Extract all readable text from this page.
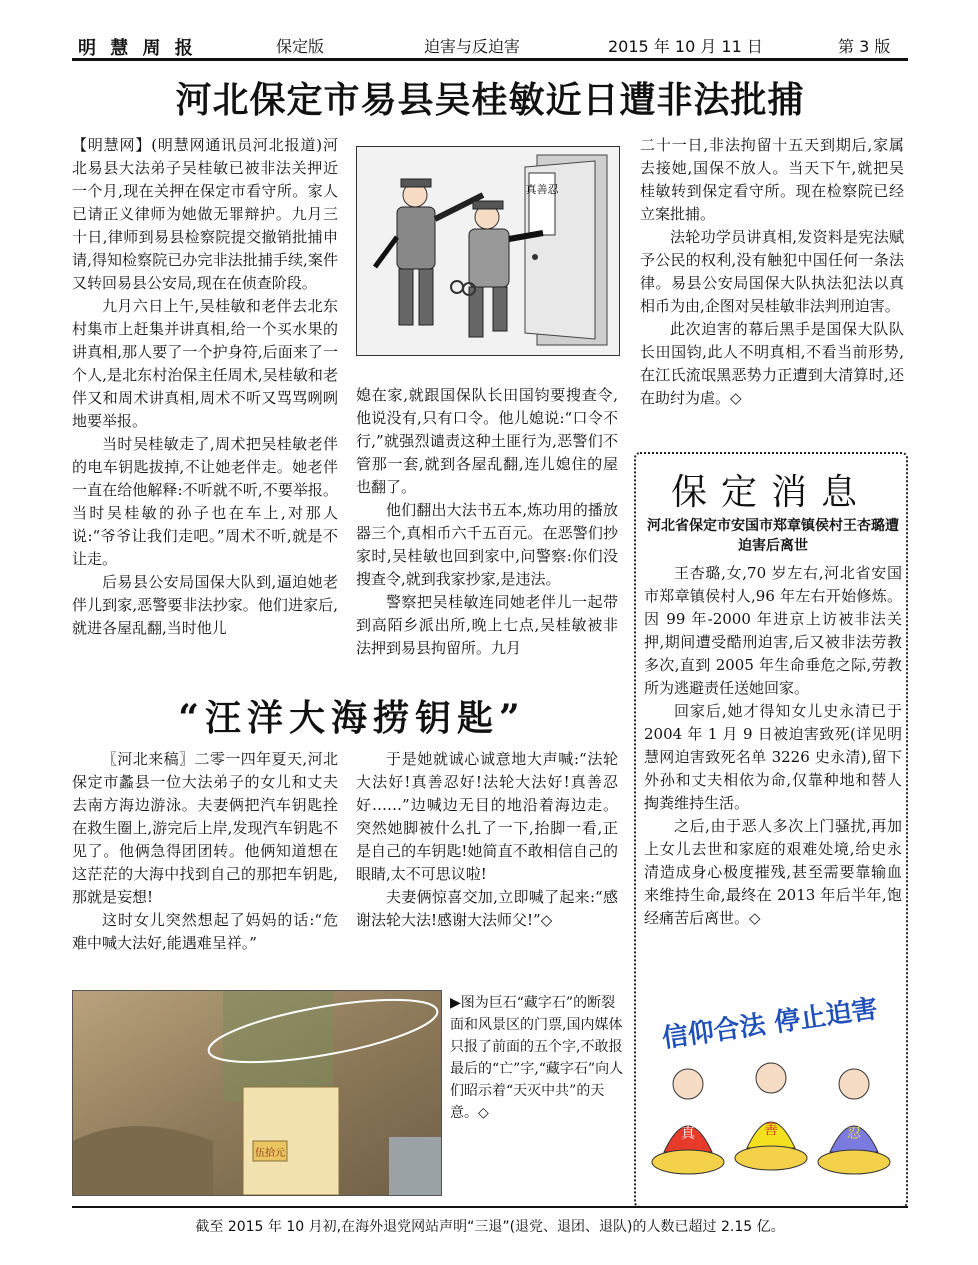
明 慧 周 报	保定版	迫害与反迫害	2015 年 10 月 11 日	第 3 版
河北保定市易县吴桂敏近日遭非法批捕

【明慧网】(明慧网通讯员河北报道)河北易县大法弟子吴桂敏已被非法关押近一个月,现在关押在保定市看守所。家人已请正义律师为她做无罪辩护。九月三十日,律师到易县检察院提交撤销批捕申请,得知检察院已办完非法批捕手续,案件又转回易县公安局,现在在侦查阶段。

九月六日上午,吴桂敏和老伴去北东村集市上赶集并讲真相,给一个买水果的讲真相,那人要了一个护身符,后面来了一个人,是北东村治保主任周术,吴桂敏和老伴又和周术讲真相,周术不听又骂骂咧咧地要举报。

当时吴桂敏走了,周术把吴桂敏老伴的电车钥匙拔掉,不让她老伴走。她老伴一直在给他解释:不听就不听,不要举报。当时吴桂敏的孙子也在车上,对那人说:“爷爷让我们走吧。”周术不听,就是不让走。

后易县公安局国保大队到,逼迫她老伴儿到家,恶警要非法抄家。他们进家后,就进各屋乱翻,当时他儿

真善忍

媳在家,就跟国保队长田国钧要搜查令,他说没有,只有口令。他儿媳说:“口令不行,”就强烈谴责这种土匪行为,恶警们不管那一套,就到各屋乱翻,连儿媳住的屋也翻了。

他们翻出大法书五本,炼功用的播放器三个,真相币六千五百元。在恶警们抄家时,吴桂敏也回到家中,问警察:你们没搜查令,就到我家抄家,是违法。

警察把吴桂敏连同她老伴儿一起带到高陌乡派出所,晚上七点,吴桂敏被非法押到易县拘留所。九月

二十一日,非法拘留十五天到期后,家属去接她,国保不放人。当天下午,就把吴桂敏转到保定看守所。现在检察院已经立案批捕。

法轮功学员讲真相,发资料是宪法赋予公民的权利,没有触犯中国任何一条法律。易县公安局国保大队执法犯法以真相币为由,企图对吴桂敏非法判刑迫害。

此次迫害的幕后黑手是国保大队队长田国钧,此人不明真相,不看当前形势,在江氏流氓黑恶势力正遭到大清算时,还在助纣为虐。◇

保定消息
河北省保定市安国市郑章镇侯村王杏璐遭迫害后离世

王杏璐,女,70 岁左右,河北省安国市郑章镇侯村人,96 年左右开始修炼。因 99 年-2000 年进京上访被非法关押,期间遭受酷刑迫害,后又被非法劳教多次,直到 2005 年生命垂危之际,劳教所为逃避责任送她回家。

回家后,她才得知女儿史永清已于 2004 年 1 月 9 日被迫害致死(详见明慧网迫害致死名单 3226 史永清),留下外孙和丈夫相依为命,仅靠种地和替人掏粪维持生活。

之后,由于恶人多次上门骚扰,再加上女儿去世和家庭的艰难处境,给史永清造成身心极度摧残,甚至需要靠输血来维持生命,最终在 2013 年后半年,饱经痛苦后离世。◇

信仰合法 停止迫害
真	善	忍
“汪洋大海捞钥匙”

〖河北来稿〗二零一四年夏天,河北保定市蠡县一位大法弟子的女儿和丈夫去南方海边游泳。夫妻俩把汽车钥匙拴在救生圈上,游完后上岸,发现汽车钥匙不见了。他俩急得团团转。他俩知道想在这茫茫的大海中找到自己的那把车钥匙,那就是妄想!

这时女儿突然想起了妈妈的话:“危难中喊大法好,能遇难呈祥。”

于是她就诚心诚意地大声喊:“法轮大法好!真善忍好!法轮大法好!真善忍好……”边喊边无目的地沿着海边走。突然她脚被什么扎了一下,抬脚一看,正是自己的车钥匙!她简直不敢相信自己的眼睛,太不可思议啦!

夫妻俩惊喜交加,立即喊了起来:“感谢法轮大法!感谢大法师父!”◇

伍拾元
▶图为巨石“藏字石”的断裂面和风景区的门票,国内媒体只报了前面的五个字,不敢报最后的“亡”字,“藏字石”向人们昭示着“天灭中共”的天意。◇
截至 2015 年 10 月初,在海外退党网站声明“三退”(退党、退团、退队)的人数已超过 2.15 亿。
